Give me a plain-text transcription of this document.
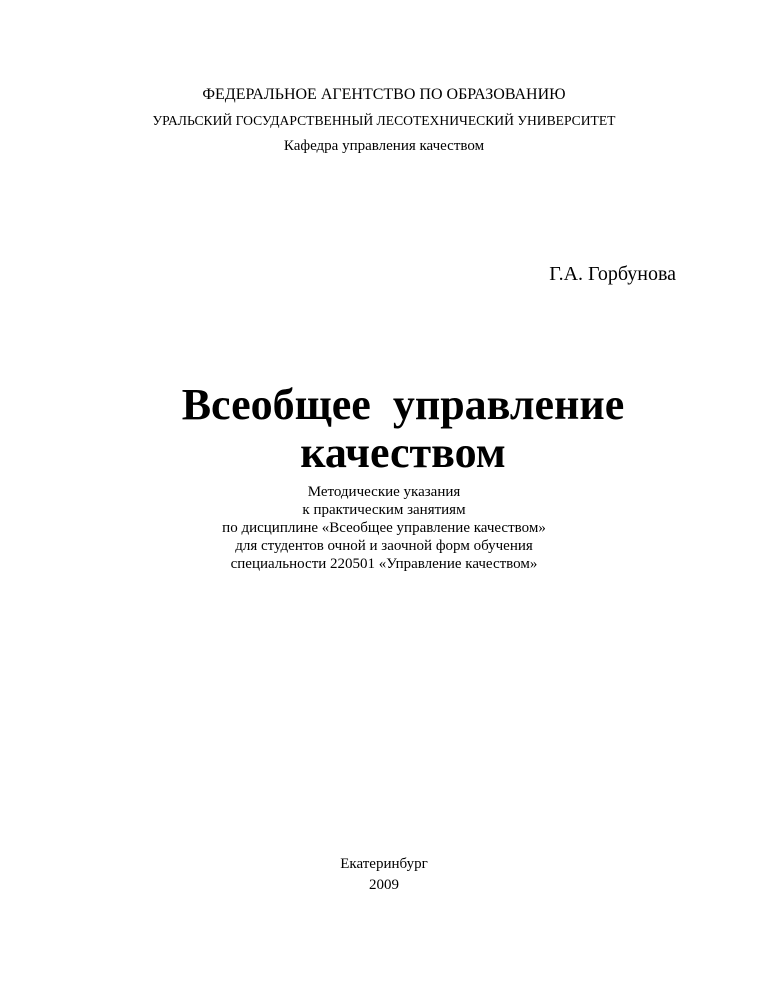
ФЕДЕРАЛЬНОЕ АГЕНТСТВО ПО ОБРАЗОВАНИЮ
УРАЛЬСКИЙ ГОСУДАРСТВЕННЫЙ ЛЕСОТЕХНИЧЕСКИЙ УНИВЕРСИТЕТ
Кафедра управления качеством
Г.А. Горбунова
Всеобщее  управление
качеством
Методические указания
к практическим занятиям
по дисциплине «Всеобщее управление качеством»
для студентов очной и заочной форм обучения
специальности 220501 «Управление качеством»
Екатеринбург
2009
